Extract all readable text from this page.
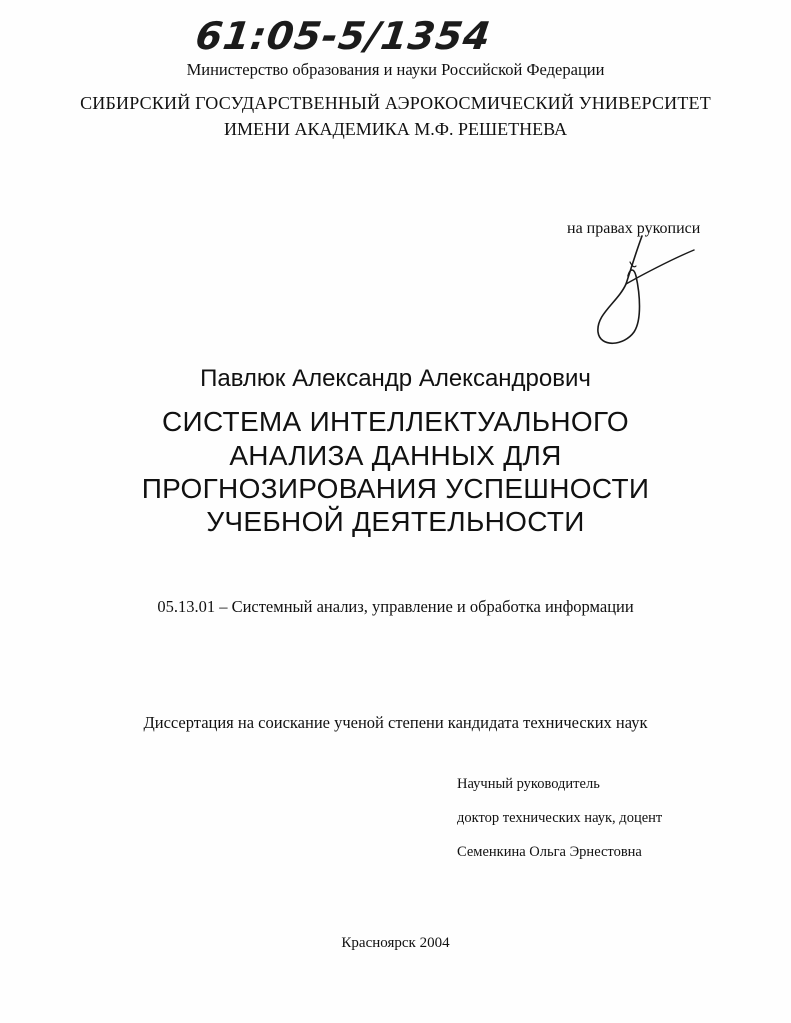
61:05-5/1354
Министерство образования и науки Российской Федерации
СИБИРСКИЙ ГОСУДАРСТВЕННЫЙ АЭРОКОСМИЧЕСКИЙ УНИВЕРСИТЕТ
ИМЕНИ АКАДЕМИКА М.Ф. РЕШЕТНЕВА
на правах рукописи
Павлюк Александр Александрович
СИСТЕМА ИНТЕЛЛЕКТУАЛЬНОГО
АНАЛИЗА ДАННЫХ ДЛЯ
ПРОГНОЗИРОВАНИЯ УСПЕШНОСТИ
УЧЕБНОЙ ДЕЯТЕЛЬНОСТИ
05.13.01 – Системный анализ, управление и обработка информации
Диссертация на соискание ученой степени кандидата технических наук
Научный руководитель
доктор технических наук, доцент
Семенкина Ольга Эрнестовна
Красноярск 2004
